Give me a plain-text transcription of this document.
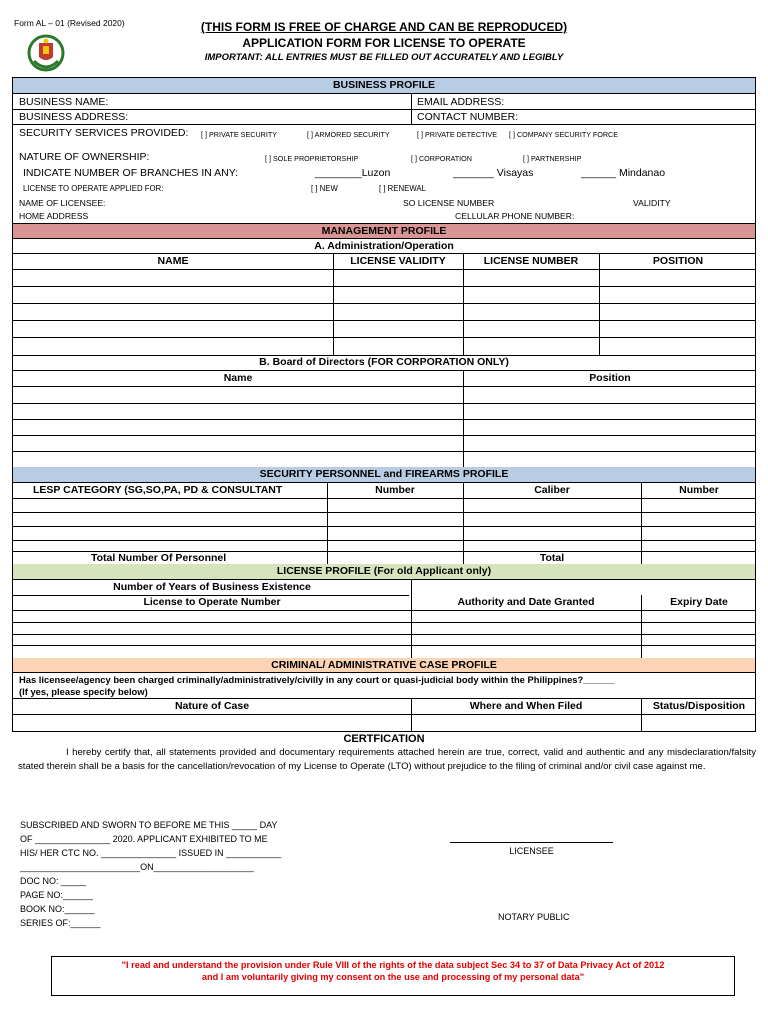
Form AL – 01 (Revised 2020)	(THIS FORM IS FREE OF CHARGE AND CAN BE REPRODUCED)
APPLICATION FORM FOR LICENSE TO OPERATE
IMPORTANT: ALL ENTRIES MUST BE FILLED OUT ACCURATELY AND LEGIBLY
BUSINESS PROFILE
BUSINESS NAME:	EMAIL ADDRESS:
BUSINESS ADDRESS:	CONTACT NUMBER:
SECURITY SERVICES PROVIDED: [ ] PRIVATE SECURITY	[ ] ARMORED SECURITY	[ ] PRIVATE DETECTIVE [ ] COMPANY SECURITY FORCE
NATURE OF OWNERSHIP:	[ ] SOLE PROPRIETORSHIP	[ ] CORPORATION	[ ] PARTNERSHIP
INDICATE NUMBER OF BRANCHES IN ANY:	________Luzon	_______ Visayas	______ Mindanao
LICENSE TO OPERATE APPLIED FOR:	[ ] NEW	[ ] RENEWAL
NAME OF LICENSEE:	SO LICENSE NUMBER	VALIDITY
HOME ADDRESS	CELLULAR PHONE NUMBER:
MANAGEMENT PROFILE
A. Administration/Operation
NAME	LICENSE VALIDITY	LICENSE NUMBER	POSITION
B. Board of Directors (FOR CORPORATION ONLY)
Name	Position
SECURITY PERSONNEL and FIREARMS PROFILE
LESP CATEGORY (SG,SO,PA, PD & CONSULTANT	Number	Caliber	Number
Total Number Of Personnel	Total
LICENSE PROFILE (For old Applicant only)
Number of Years of Business Existence
License to Operate Number	Authority and Date Granted	Expiry Date
CRIMINAL/ ADMINISTRATIVE CASE PROFILE
Has licensee/agency been charged criminally/administratively/civilly in any court or quasi-judicial body within the Philippines?______
(If yes, please specify below)
Nature of Case	Where and When Filed	Status/Disposition
CERTFICATION
I hereby certify that, all statements provided and documentary requirements attached herein are true, correct, valid and authentic and any misdeclaration/falsity stated therein shall be a basis for the cancellation/revocation of my License to Operate (LTO) without prejudice to the filing of criminal and/or civil case against me.
SUBSCRIBED AND SWORN TO BEFORE ME THIS _____ DAY
OF _______________ 2020. APPLICANT EXHIBITED TO ME
HIS/ HER CTC NO. _______________ ISSUED IN ___________
________________________ON____________________
DOC NO: _____
PAGE NO:______
BOOK NO:______
SERIES OF:______
LICENSEE
NOTARY PUBLIC
"I read and understand the provision under Rule VIII of the rights of the data subject Sec 34 to 37 of Data Privacy Act of 2012
and I am voluntarily giving my consent on the use and processing of my personal data"
